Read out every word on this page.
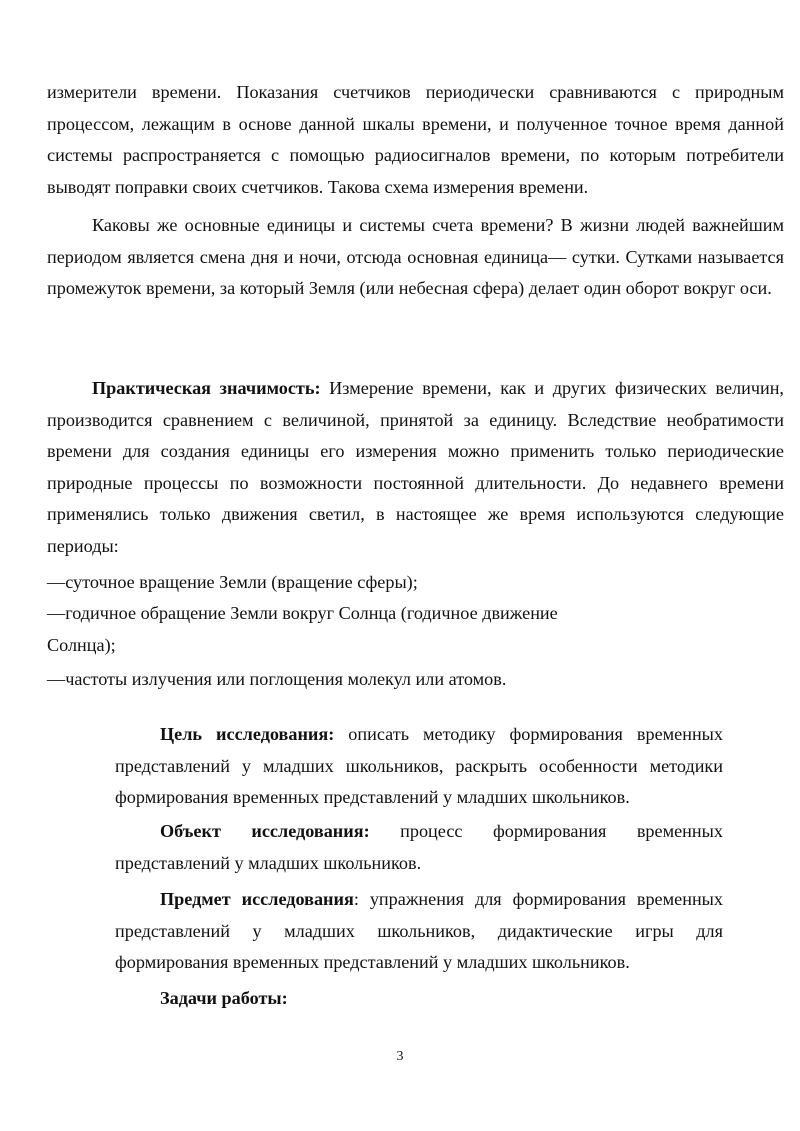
измерители времени. Показания счетчиков периодически сравниваются с природным процессом, лежащим в основе данной шкалы времени, и полученное точное время данной системы распространяется с помощью радиосигналов времени, по которым потребители выводят поправки своих счетчиков. Такова схема измерения времени.

Каковы же основные единицы и системы счета времени? В жизни людей важнейшим периодом является смена дня и ночи, отсюда основная единица— сутки. Сутками называется промежуток времени, за который Земля (или небесная сфера) делает один оборот вокруг оси.

Практическая значимость: Измерение времени, как и других физических величин, производится сравнением с величиной, принятой за единицу. Вследствие необратимости времени для создания единицы его измерения можно применить только периодические природные процессы по возможности постоянной длительности. До недавнего времени применялись только движения светил, в настоящее же время используются следующие периоды:

—суточное вращение Земли (вращение сферы);

—годичное обращение Земли вокруг Солнца (годичное движение

Солнца);

—частоты излучения или поглощения молекул или атомов.

Цель исследования: описать методику формирования временных представлений у младших школьников, раскрыть особенности методики формирования временных представлений у младших школьников.

Объект исследования: процесс формирования временных
представлений у младших школьников.

Предмет исследования: упражнения для формирования временных представлений у младших школьников, дидактические игры для формирования временных представлений у младших школьников.

Задачи работы:

3
